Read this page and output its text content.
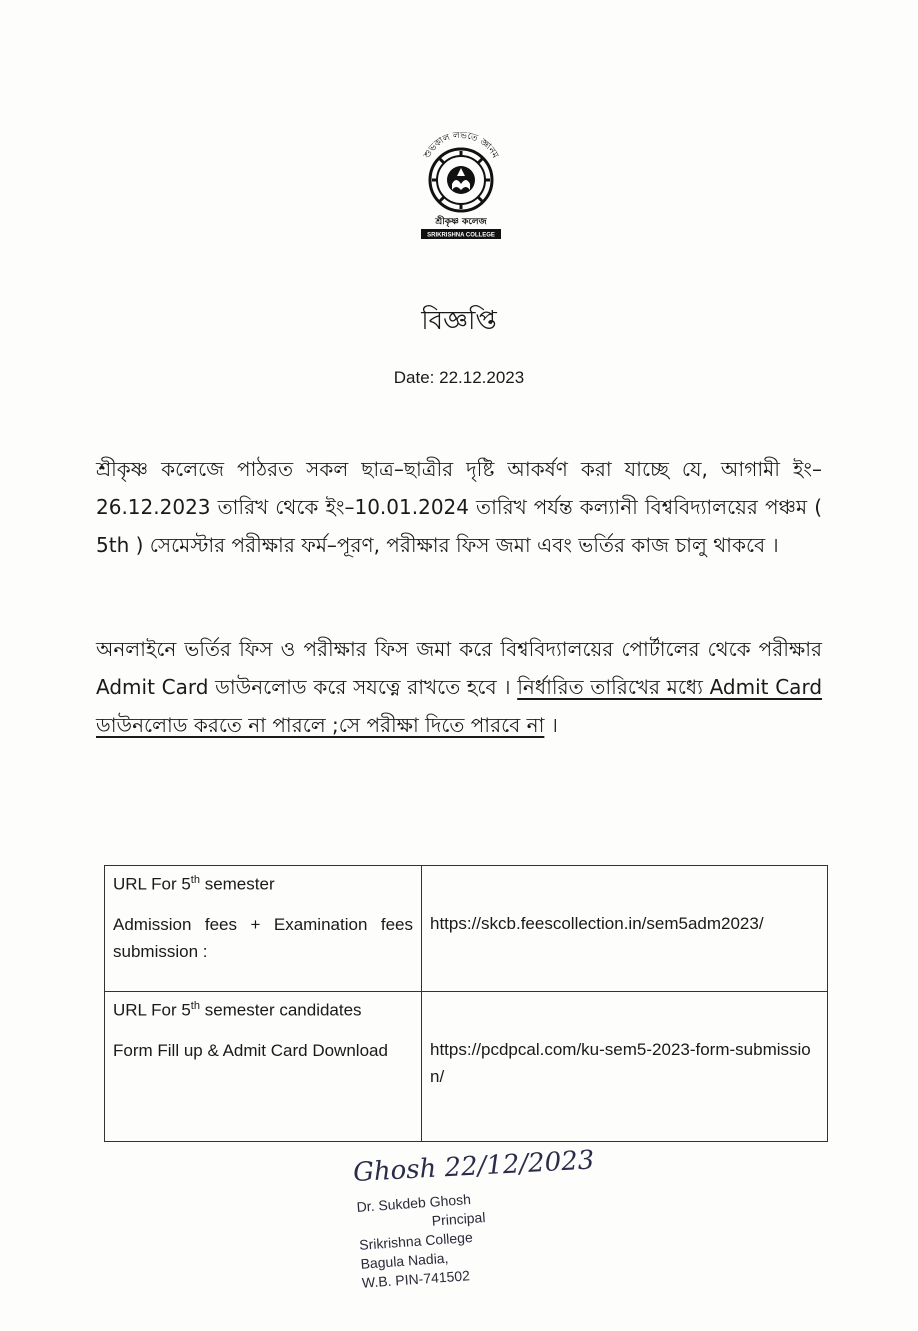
শুভকাল লভতে জ্ঞানম
শ্রীকৃষ্ণ কলেজ
SRIKRISHNA COLLEGE
বিজ্ঞপ্তি
Date: 22.12.2023
শ্রীকৃষ্ণ কলেজে পাঠরত সকল ছাত্র–ছাত্রীর দৃষ্টি আকর্ষণ করা যাচ্ছে যে, আগামী ইং–26.12.2023 তারিখ থেকে ইং–10.01.2024 তারিখ পর্যন্ত কল্যানী বিশ্ববিদ্যালয়ের পঞ্চম ( 5th ) সেমেস্টার পরীক্ষার ফর্ম–পূরণ, পরীক্ষার ফিস জমা এবং ভর্তির কাজ চালু থাকবে ।
অনলাইনে ভর্তির ফিস ও পরীক্ষার ফিস জমা করে বিশ্ববিদ্যালয়ের পোর্টালের থেকে পরীক্ষার Admit Card ডাউনলোড করে সযত্নে রাখতে হবে । নির্ধারিত তারিখের মধ্যে Admit Card ডাউনলোড করতে না পারলে ;সে পরীক্ষা দিতে পারবে না ।
URL For 5th semester
Admission fees + Examination fees submission :	https://skcb.feescollection.in/sem5adm2023/

URL For 5th semester candidates
Form Fill up & Admit Card Download	https://pcdpcal.com/ku-sem5-2023-form-submission/
Ghosh 22/12/2023
Dr. Sukdeb Ghosh
Principal
Srikrishna College
Bagula Nadia,
W.B. PIN-741502
